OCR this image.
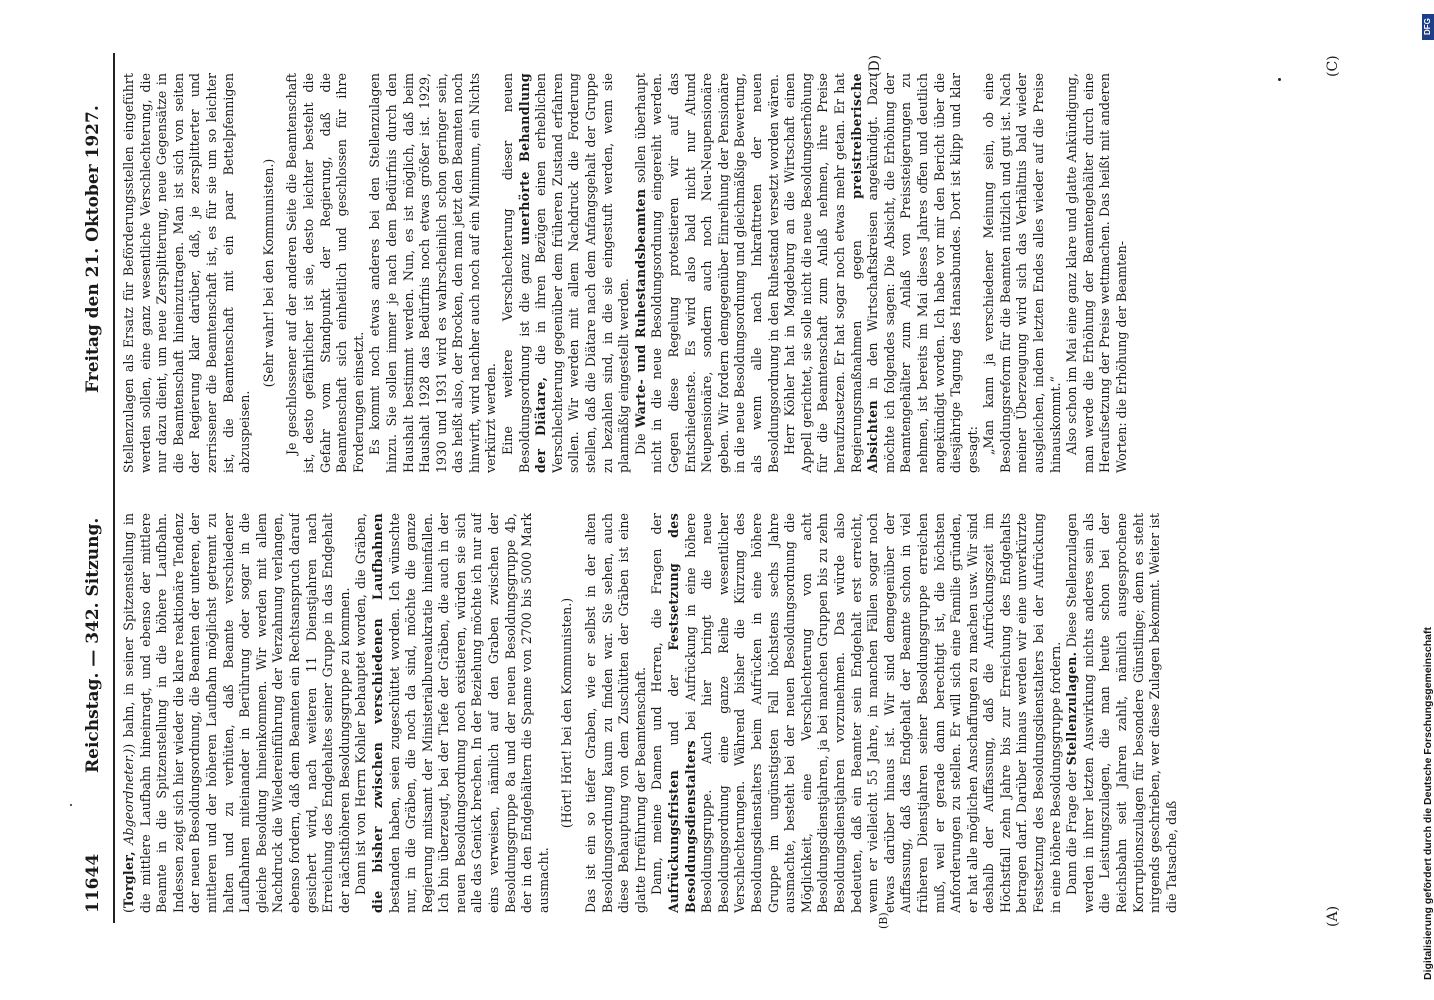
11644
Reichstag. — 342. Sitzung.
Freitag den 21. Oktober 1927.
(A)
(B)
(C)
(D)

(Torgler, Abgeordneter.)) bahn, in seiner Spitzenstellung in die mittlere Laufbahn hineinragt, und ebenso der mittlere Beamte in die Spitzenstellung in die höhere Laufbahn. Indessen zeigt sich hier wieder die klare reaktionäre Tendenz der neuen Besoldungsordnung, die Beamten der unteren, der mittleren und der höheren Laufbahn möglichst getrennt zu halten und zu verhüten, daß Beamte verschiedener Laufbahnen miteinander in Berührung oder sogar in die gleiche Besoldung hineinkommen. Wir werden mit allem Nachdruck die Wiedereinführung der Verzahnung verlangen, ebenso fordern, daß dem Beamten ein Rechtsanspruch darauf gesichert wird, nach weiteren 11 Dienstjahren nach Erreichung des Endgehaltes seiner Gruppe in das Endgehalt der nächsthöheren Besoldungsgruppe zu kommen. Dann ist von Herrn Kohler behauptet worden, die Gräben, die bisher zwischen verschiedenen Laufbahnen bestanden haben, seien zugeschüttet worden. Ich wünschte nur, in die Gräben, die noch da sind, möchte die ganze Regierung mitsamt der Ministerialbureaukratie hineinfallen. Ich bin überzeugt, bei der Tiefe der Gräben, die auch in der neuen Besoldungsordnung noch existieren, würden sie sich alle das Genick brechen. In der Beziehung möchte ich nur auf eins verweisen, nämlich auf den Graben zwischen der Besoldungsgruppe 8a und der neuen Besoldungsgruppe 4b, der in den Endgehältern die Spanne von 2700 bis 5000 Mark ausmacht.

(Hört! Hört! bei den Kommunisten.) Das ist ein so tiefer Graben, wie er selbst in der alten Besoldungsordnung kaum zu finden war. Sie sehen, auch diese Behauptung von dem Zuschütten der Gräben ist eine glatte Irreführung der Beamtenschaft. Dann, meine Damen und Herren, die Fragen der Aufrückungsfristen und der Festsetzung des Besoldungsdienstalters bei Aufrückung in eine höhere Besoldungsgruppe. Auch hier bringt die neue Besoldungsordnung eine ganze Reihe wesentlicher Verschlechterungen. Während bisher die Kürzung des Besoldungsdienstalters beim Aufrücken in eine höhere Gruppe im ungünstigsten Fall höchstens sechs Jahre ausmachte, besteht bei der neuen Besoldungsordnung die Möglichkeit, eine Verschlechterung von acht Besoldungsdienstjahren, ja bei manchen Gruppen bis zu zehn Besoldungsdienstjahren vorzunehmen. Das würde also bedeuten, daß ein Beamter sein Endgehalt erst erreicht, wenn er vielleicht 55 Jahre, in manchen Fällen sogar noch etwas darüber hinaus ist. Wir sind demgegenüber der Auffassung, daß das Endgehalt der Beamte schon in viel früheren Dienstjahren seiner Besoldungsgruppe erreichen muß, weil er gerade dann berechtigt ist, die höchsten Anforderungen zu stellen. Er will sich eine Familie gründen, er hat alle möglichen Anschaffungen zu machen usw. Wir sind deshalb der Auffassung, daß die Aufrückungszeit im Höchstfall zehn Jahre bis zur Erreichung des Endgehalts betragen darf. Darüber hinaus werden wir eine unverkürzte Festsetzung des Besoldungsdienstalters bei der Aufrückung in eine höhere Besoldungsgruppe fordern. Dann die Frage der Stellenzulagen. Diese Stellenzulagen werden in ihrer letzten Auswirkung nichts anderes sein als die Leistungszulagen, die man heute schon bei der Reichsbahn seit Jahren zahlt, nämlich ausgesprochene Korruptionszulagen für besondere Günstlinge; denn es steht nirgends geschrieben, wer diese Zulagen bekommt. Weiter ist die Tatsache, daß

Stellenzulagen als Ersatz für Beförderungsstellen eingeführt werden sollen, eine ganz wesentliche Verschlechterung, die nur dazu dient, um neue Zersplitterung, neue Gegensätze in die Beamtenschaft hineinzutragen. Man ist sich von seiten der Regierung klar darüber, daß, je zersplitterter und zerrissener die Beamtenschaft ist, es für sie um so leichter ist, die Beamtenschaft mit ein paar Bettelpfennigen abzuspeisen.

(Sehr wahr! bei den Kommunisten.) Je geschlossener auf der anderen Seite die Beamtenschaft ist, desto gefährlicher ist sie, desto leichter besteht die Gefahr vom Standpunkt der Regierung, daß die Beamtenschaft sich einheitlich und geschlossen für ihre Forderungen einsetzt. Es kommt noch etwas anderes bei den Stellenzulagen hinzu. Sie sollen immer je nach dem Bedürfnis durch den Haushalt bestimmt werden. Nun, es ist möglich, daß beim Haushalt 1928 das Bedürfnis noch etwas größer ist. 1929, 1930 und 1931 wird es wahrscheinlich schon geringer sein, das heißt also, der Brocken, den man jetzt den Beamten noch hinwirft, wird nachher auch noch auf ein Minimum, ein Nichts verkürzt werden. Eine weitere Verschlechterung dieser neuen Besoldungsordnung ist die ganz unerhörte Behandlung der Diätare, die in ihren Bezügen einen erheblichen Verschlechterung gegenüber dem früheren Zustand erfahren sollen. Wir werden mit allem Nachdruck die Forderung stellen, daß die Diätare nach dem Anfangsgehalt der Gruppe zu bezahlen sind, in die sie eingestuft werden, wenn sie planmäßig eingestellt werden. Die Warte- und Ruhestandsbeamten sollen überhaupt nicht in die neue Besoldungsordnung eingereiht werden. Gegen diese Regelung protestieren wir auf das Entschiedenste. Es wird also bald nicht nur Altund Neupensionäre, sondern auch noch Neu-Neupensionäre geben. Wir fordern demgegenüber Einreihung der Pensionäre in die neue Besoldungsordnung und gleichmäßige Bewertung, als wenn alle nach Inkrafttreten der neuen Besoldungsordnung in den Ruhestand versetzt worden wären. Herr Köhler hat in Magdeburg an die Wirtschaft einen Appell gerichtet, sie solle nicht die neue Besoldungserhöhung für die Beamtenschaft zum Anlaß nehmen, ihre Preise heraufzusetzen. Er hat sogar noch etwas mehr getan. Er hat Regierungsmaßnahmen gegen preistreiberische Absichten in den Wirtschaftskreisen angekündigt. Dazu möchte ich folgendes sagen: Die Absicht, die Erhöhung der Beamtengehälter zum Anlaß von Preissteigerungen zu nehmen, ist bereits im Mai dieses Jahres offen und deutlich angekündigt worden. Ich habe vor mir den Bericht über die diesjährige Tagung des Hansabundes. Dort ist klipp und klar gesagt: „Man kann ja verschiedener Meinung sein, ob eine Besoldungsreform für die Beamten nützlich und gut ist. Nach meiner Überzeugung wird sich das Verhältnis bald wieder ausgleichen, indem letzten Endes alles wieder auf die Preise hinauskommt.“ Also schon im Mai eine ganz klare und glatte Ankündigung, man werde die Erhöhung der Beamtengehälter durch eine Heraufsetzung der Preise wettmachen. Das heißt mit anderen Worten: die Erhöhung der Beamten-

DFG
Digitalisierung gefördert durch die Deutsche Forschungsgemeinschaft
